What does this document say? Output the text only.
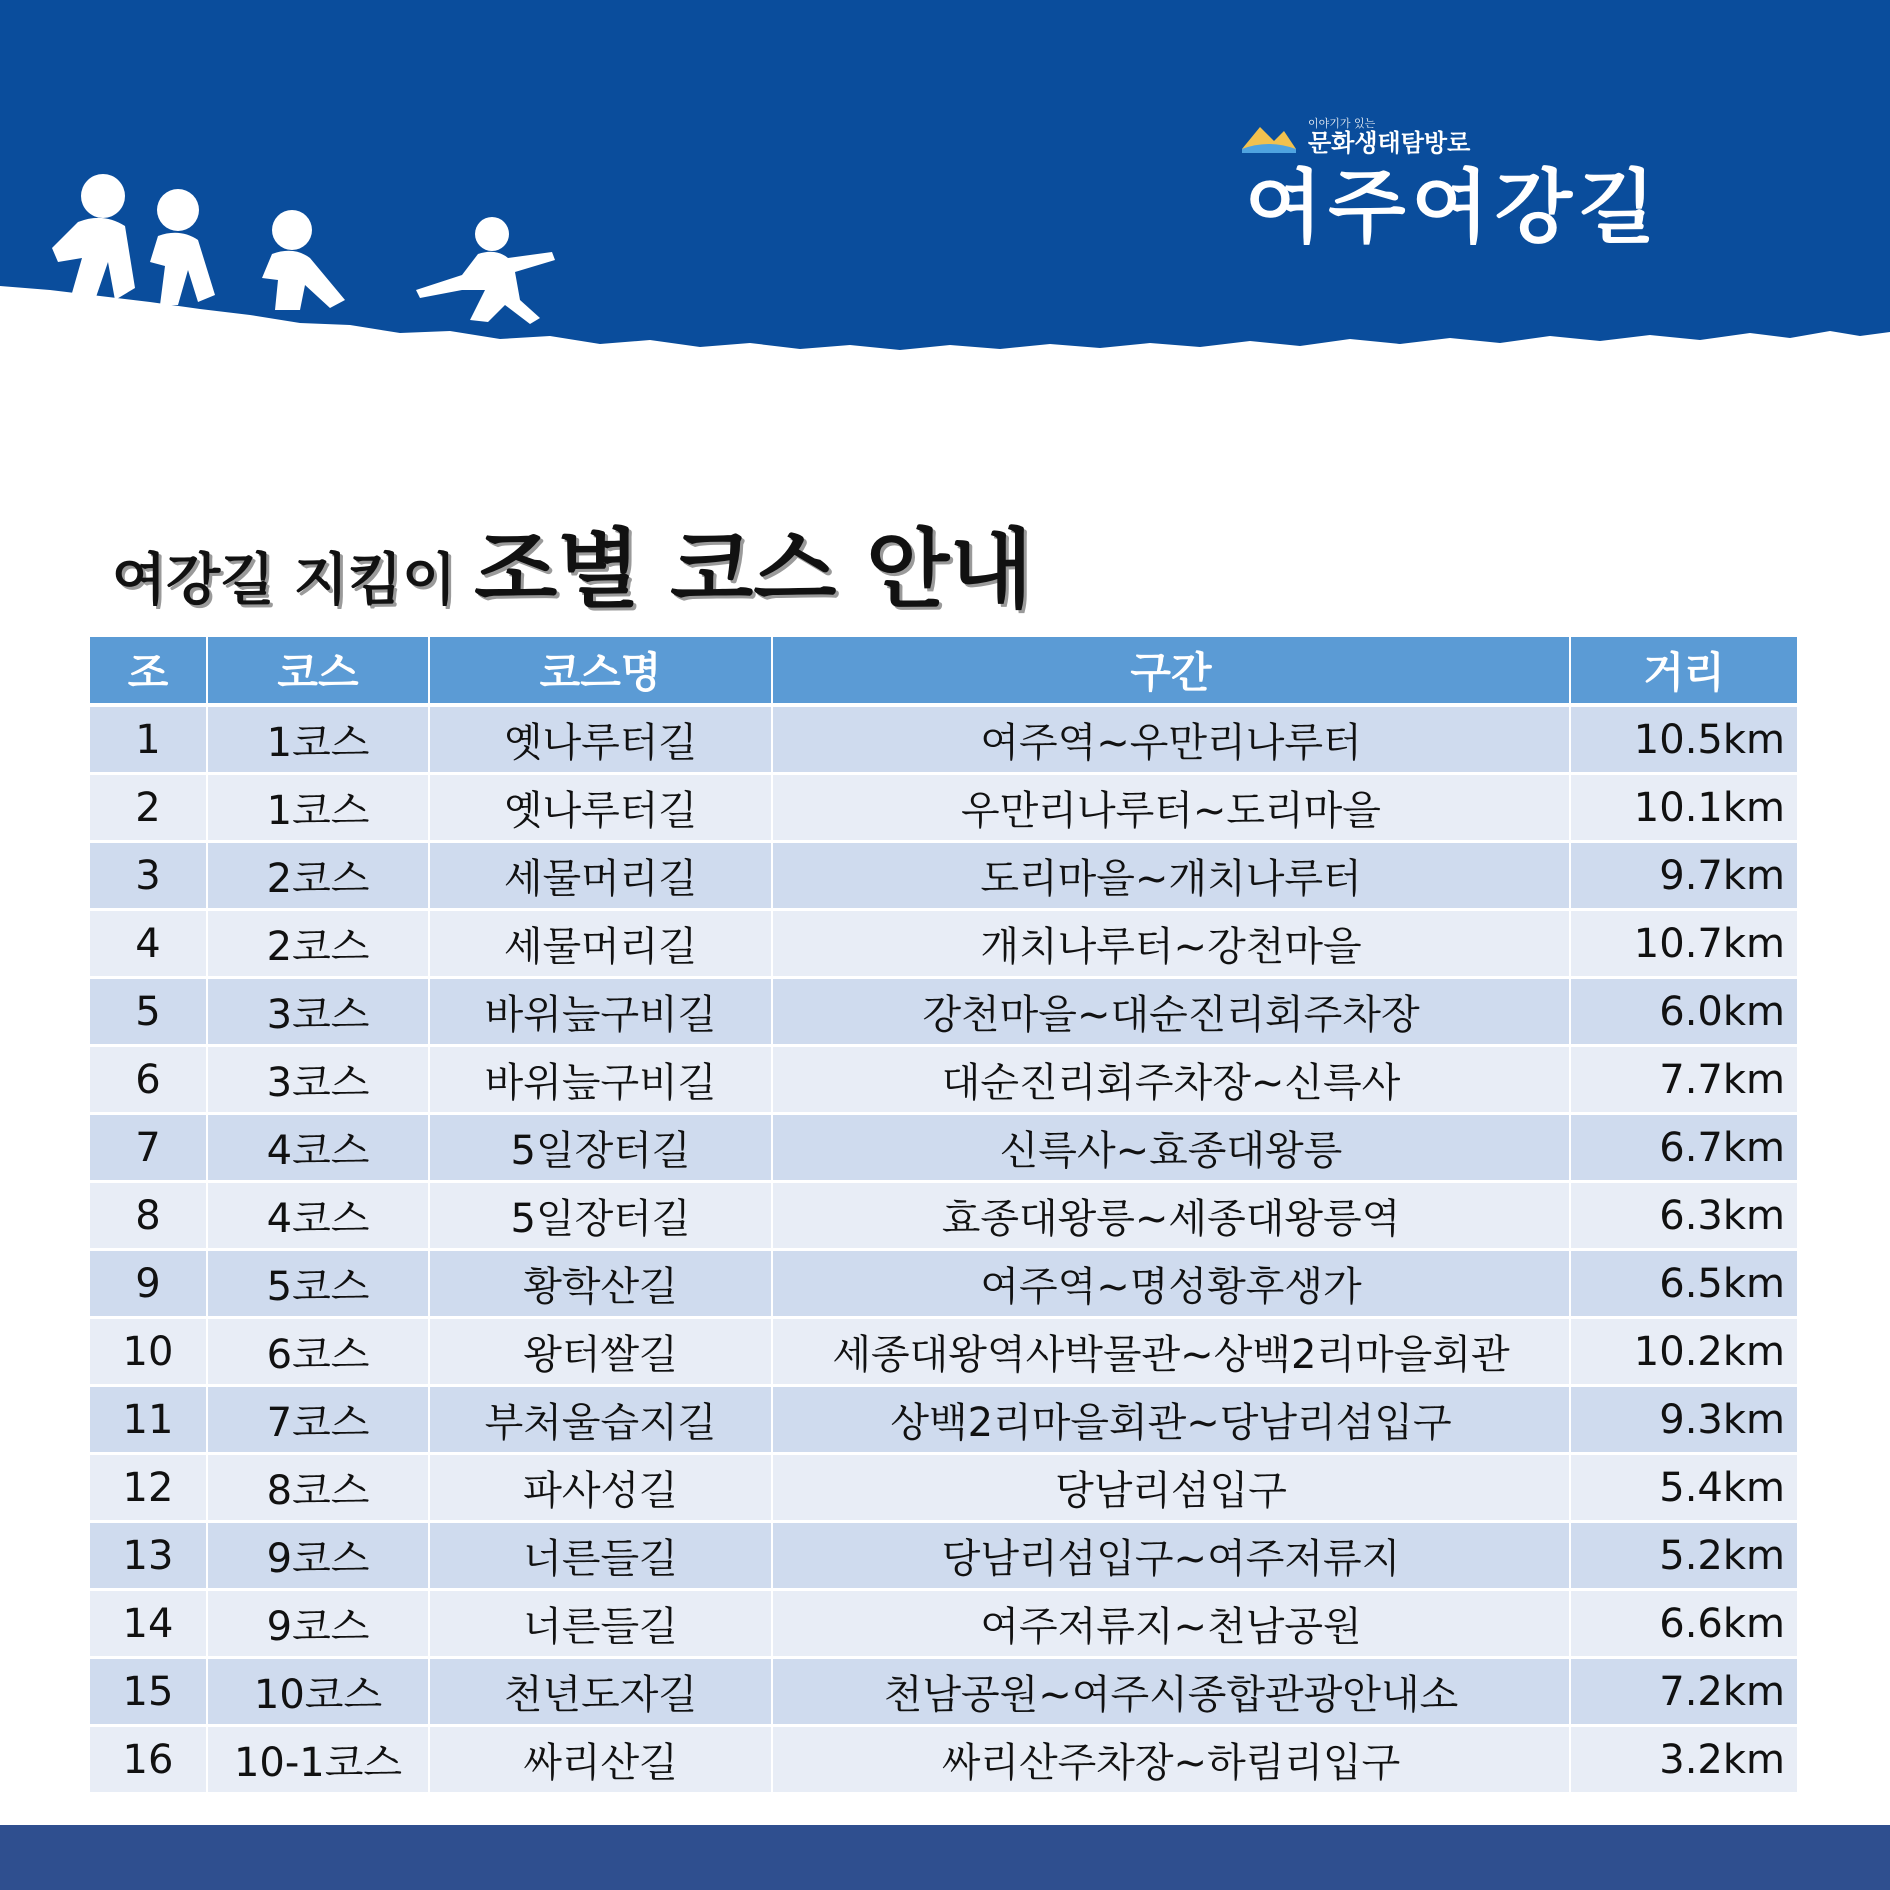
이야기가 있는
문화생태탐방로
여주여강길
여강길 지킴이 조별 코스 안내
조	코스	코스명	구간	거리
1	1코스	옛나루터길	여주역~우만리나루터	10.5km
2	1코스	옛나루터길	우만리나루터~도리마을	10.1km
3	2코스	세물머리길	도리마을~개치나루터	9.7km
4	2코스	세물머리길	개치나루터~강천마을	10.7km
5	3코스	바위늪구비길	강천마을~대순진리회주차장	6.0km
6	3코스	바위늪구비길	대순진리회주차장~신륵사	7.7km
7	4코스	5일장터길	신륵사~효종대왕릉	6.7km
8	4코스	5일장터길	효종대왕릉~세종대왕릉역	6.3km
9	5코스	황학산길	여주역~명성황후생가	6.5km
10	6코스	왕터쌀길	세종대왕역사박물관~상백2리마을회관	10.2km
11	7코스	부처울습지길	상백2리마을회관~당남리섬입구	9.3km
12	8코스	파사성길	당남리섬입구	5.4km
13	9코스	너른들길	당남리섬입구~여주저류지	5.2km
14	9코스	너른들길	여주저류지~천남공원	6.6km
15	10코스	천년도자길	천남공원~여주시종합관광안내소	7.2km
16	10-1코스	싸리산길	싸리산주차장~하림리입구	3.2km
